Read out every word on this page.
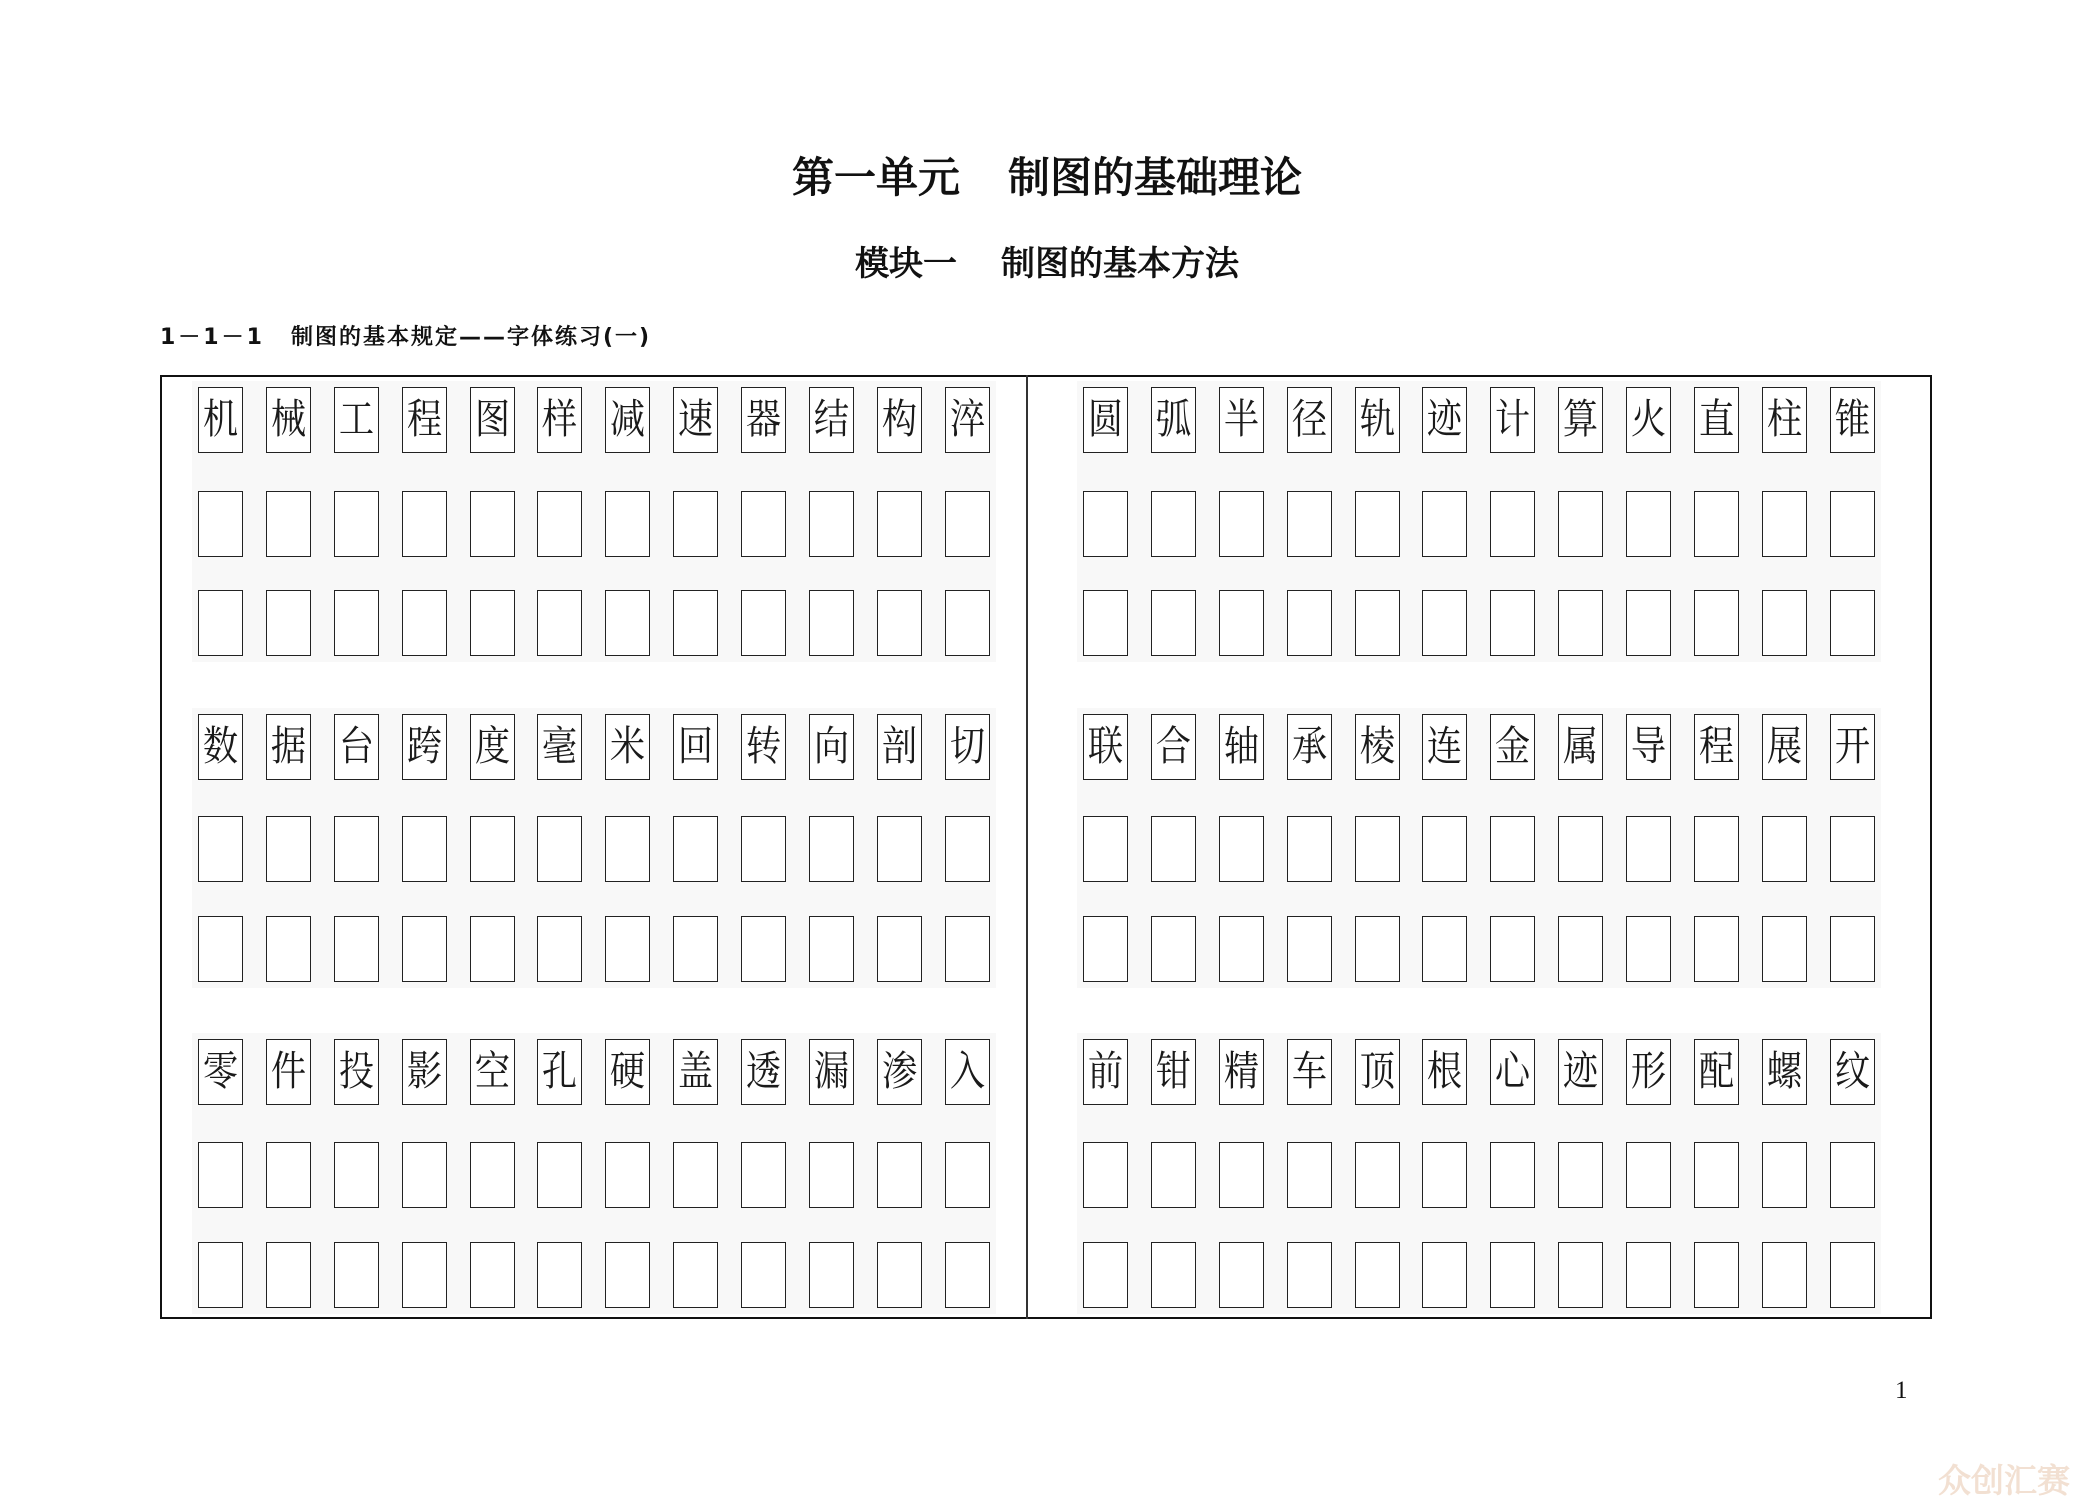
第一单元 制图的基础理论
模块一 制图的基本方法
1－1－1 制图的基本规定——字体练习(一)
机 械 工 程 图 样 减 速 器 结 构 淬	圆 弧 半 径 轨 迹 计 算 火 直 柱 锥
数 据 台 跨 度 毫 米 回 转 向 剖 切	联 合 轴 承 棱 连 金 属 导 程 展 开
零 件 投 影 空 孔 硬 盖 透 漏 渗 入	前 钳 精 车 顶 根 心 迹 形 配 螺 纹
1
众创汇赛
